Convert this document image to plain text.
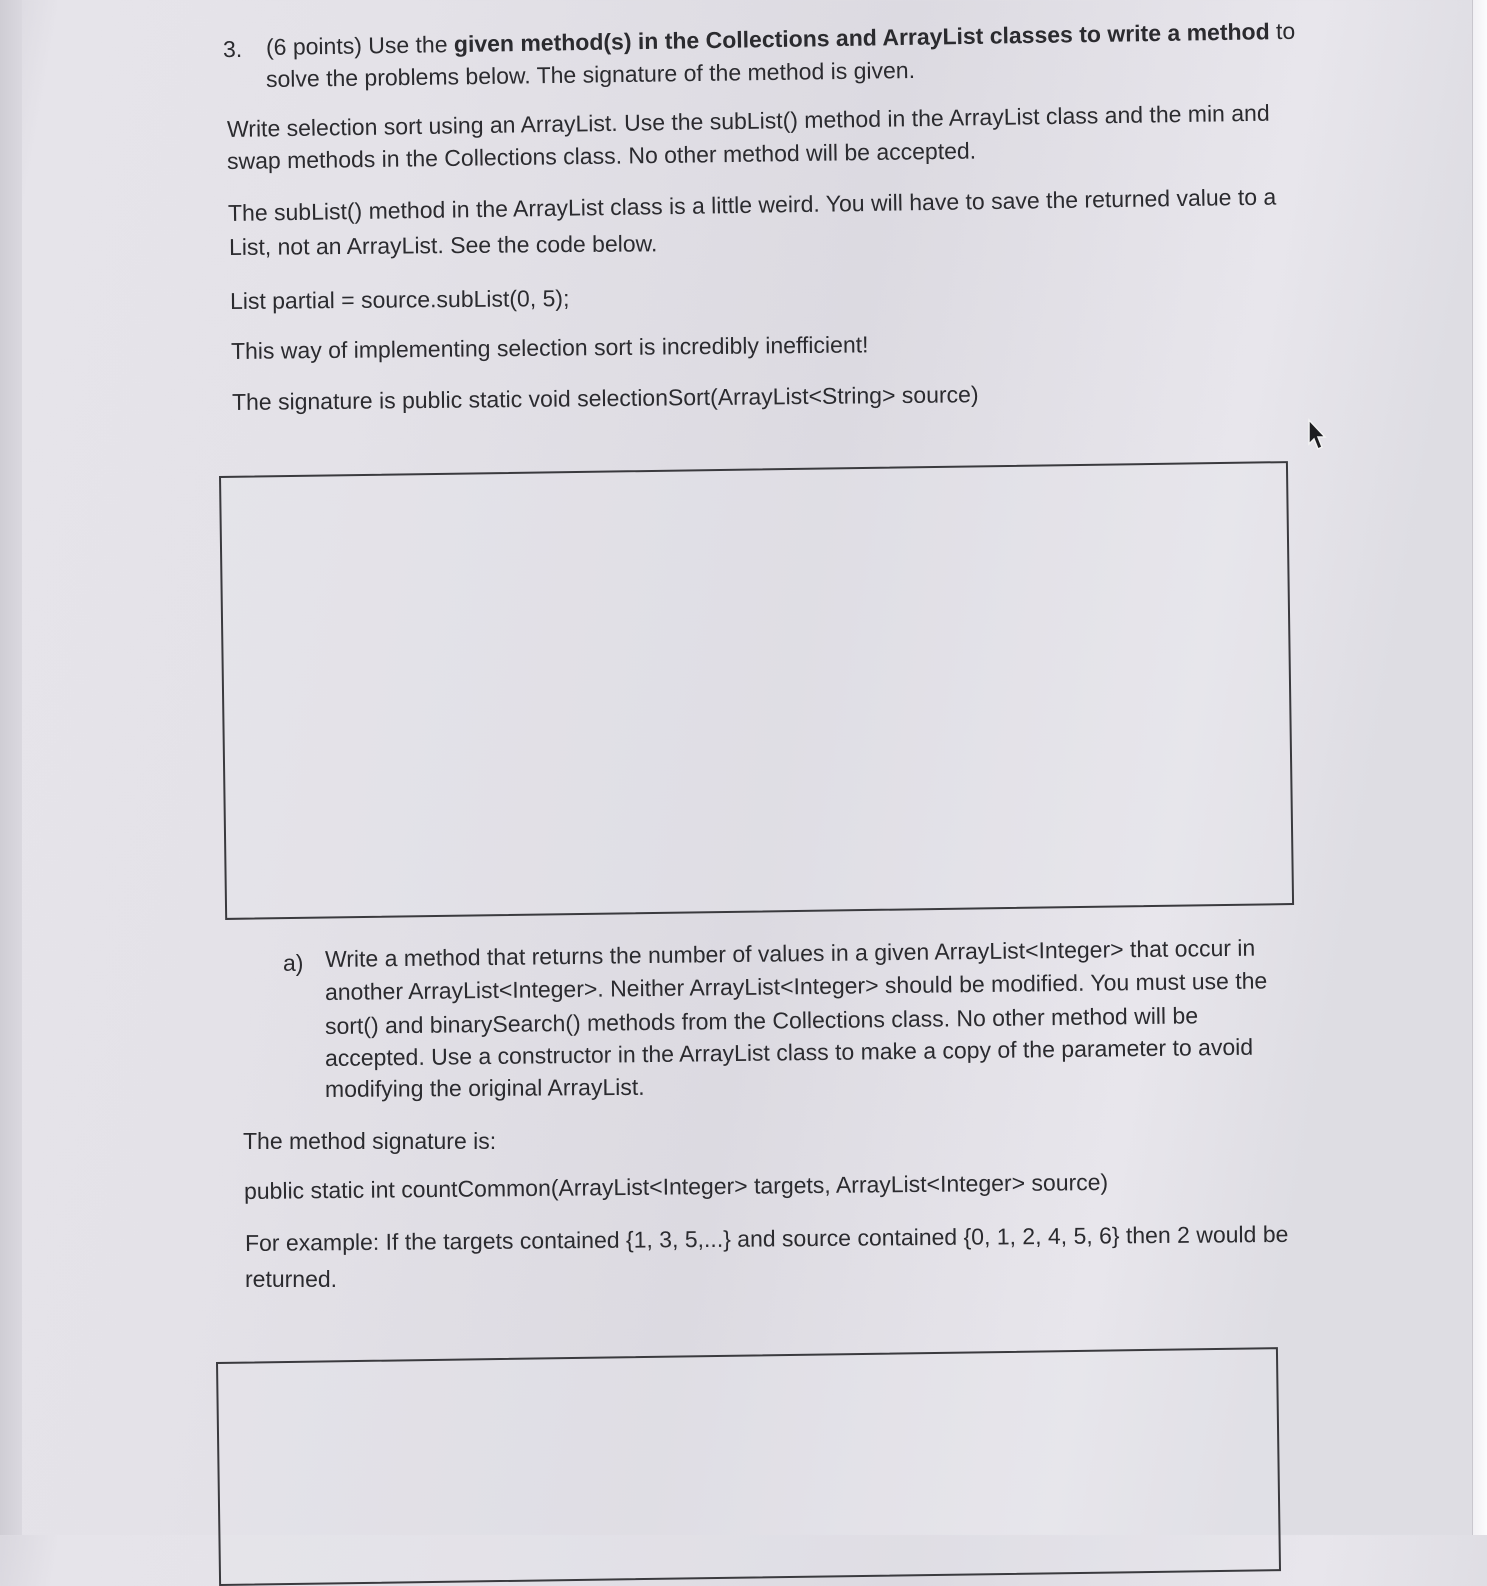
3. (6 points) Use the given method(s) in the Collections and ArrayList classes to write a method to
solve the problems below. The signature of the method is given.
Write selection sort using an ArrayList. Use the subList() method in the ArrayList class and the min and
swap methods in the Collections class. No other method will be accepted.
The subList() method in the ArrayList class is a little weird. You will have to save the returned value to a
List, not an ArrayList. See the code below.
List partial = source.subList(0, 5);
This way of implementing selection sort is incredibly inefficient!
The signature is public static void selectionSort(ArrayList<String> source)
a) Write a method that returns the number of values in a given ArrayList<Integer> that occur in
another ArrayList<Integer>. Neither ArrayList<Integer> should be modified. You must use the
sort() and binarySearch() methods from the Collections class. No other method will be
accepted. Use a constructor in the ArrayList class to make a copy of the parameter to avoid
modifying the original ArrayList.
The method signature is:
public static int countCommon(ArrayList<Integer> targets, ArrayList<Integer> source)
For example: If the targets contained {1, 3, 5,...} and source contained {0, 1, 2, 4, 5, 6} then 2 would be
returned.
